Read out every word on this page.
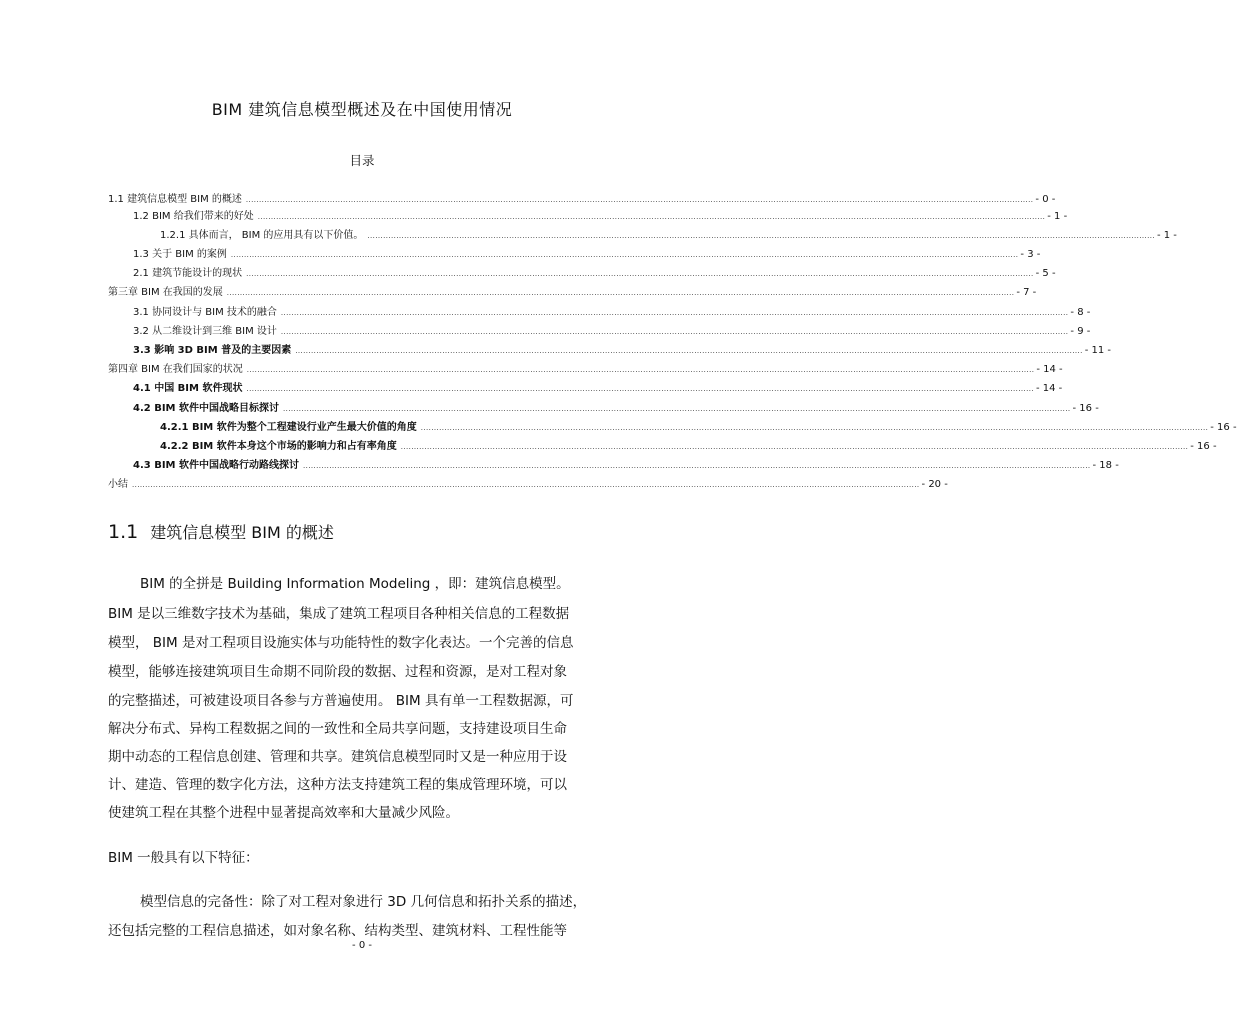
BIM 建筑信息模型概述及在中国使用情况
目录
1.1 建筑信息模型 BIM 的概述 ............................................................................................................................................................................................................................................................................................................ - 0 -
1.2 BIM 给我们带来的好处 ............................................................................................................................................................................................................................................................................................................ - 1 -
1.2.1 具体而言， BIM 的应用具有以下价值。 ............................................................................................................................................................................................................................................................................................................ - 1 -
1.3 关于 BIM 的案例 ............................................................................................................................................................................................................................................................................................................ - 3 -
2.1 建筑节能设计的现状 ............................................................................................................................................................................................................................................................................................................ - 5 -
第三章 BIM 在我国的发展 ............................................................................................................................................................................................................................................................................................................ - 7 -
3.1 协同设计与 BIM 技术的融合 ............................................................................................................................................................................................................................................................................................................ - 8 -
3.2 从二维设计到三维 BIM 设计 ............................................................................................................................................................................................................................................................................................................ - 9 -
3.3 影响 3D BIM 普及的主要因素 ............................................................................................................................................................................................................................................................................................................ - 11 -
第四章 BIM 在我们国家的状况 ............................................................................................................................................................................................................................................................................................................ - 14 -
4.1 中国 BIM 软件现状 ............................................................................................................................................................................................................................................................................................................ - 14 -
4.2 BIM 软件中国战略目标探讨 ............................................................................................................................................................................................................................................................................................................ - 16 -
4.2.1 BIM 软件为整个工程建设行业产生最大价值的角度 ............................................................................................................................................................................................................................................................................................................ - 16 -
4.2.2 BIM 软件本身这个市场的影响力和占有率角度 ............................................................................................................................................................................................................................................................................................................ - 16 -
4.3 BIM 软件中国战略行动路线探讨 ............................................................................................................................................................................................................................................................................................................ - 18 -
小结 ............................................................................................................................................................................................................................................................................................................ - 20 -
1.1 建筑信息模型 BIM 的概述
BIM 的全拼是 Building Information Modeling ，即：建筑信息模型。
BIM 是以三维数字技术为基础，集成了建筑工程项目各种相关信息的工程数据
模型， BIM 是对工程项目设施实体与功能特性的数字化表达。一个完善的信息
模型，能够连接建筑项目生命期不同阶段的数据、过程和资源，是对工程对象
的完整描述，可被建设项目各参与方普遍使用。 BIM 具有单一工程数据源，可
解决分布式、异构工程数据之间的一致性和全局共享问题，支持建设项目生命
期中动态的工程信息创建、管理和共享。建筑信息模型同时又是一种应用于设
计、建造、管理的数字化方法，这种方法支持建筑工程的集成管理环境，可以
使建筑工程在其整个进程中显著提高效率和大量减少风险。
BIM 一般具有以下特征：
模型信息的完备性：除了对工程对象进行 3D 几何信息和拓扑关系的描述，
还包括完整的工程信息描述，如对象名称、结构类型、建筑材料、工程性能等
- 0 -
